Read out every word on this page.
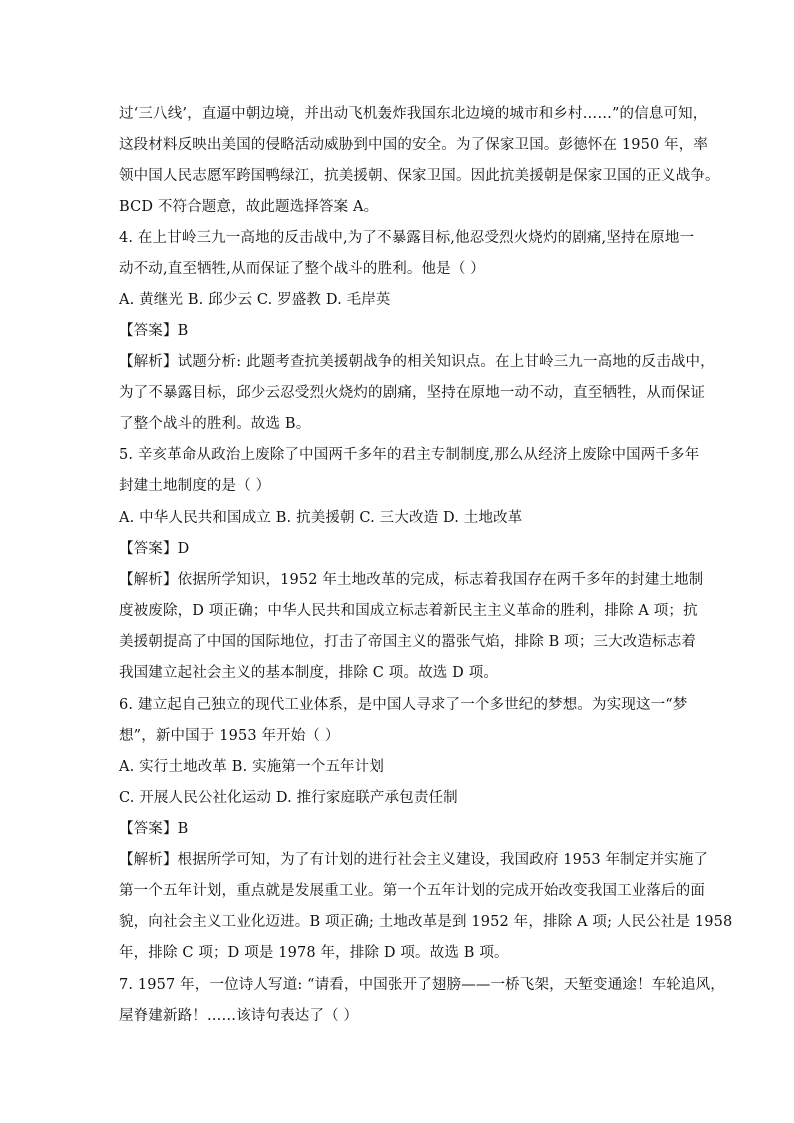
过‘三八线’，直逼中朝边境，并出动飞机轰炸我国东北边境的城市和乡村……”的信息可知，
这段材料反映出美国的侵略活动威胁到中国的安全。为了保家卫国。彭德怀在 1950 年，率
领中国人民志愿军跨国鸭绿江，抗美援朝、保家卫国。因此抗美援朝是保家卫国的正义战争。
BCD 不符合题意，故此题选择答案 A。
4. 在上甘岭三九一高地的反击战中,为了不暴露目标,他忍受烈火烧灼的剧痛,坚持在原地一
动不动,直至牺牲,从而保证了整个战斗的胜利。他是（ ）
A. 黄继光 B. 邱少云 C. 罗盛教 D. 毛岸英
【答案】B
【解析】试题分析: 此题考查抗美援朝战争的相关知识点。在上甘岭三九一高地的反击战中，
为了不暴露目标，邱少云忍受烈火烧灼的剧痛，坚持在原地一动不动，直至牺牲，从而保证
了整个战斗的胜利。故选 B。
5. 辛亥革命从政治上废除了中国两千多年的君主专制制度,那么从经济上废除中国两千多年
封建土地制度的是（ ）
A. 中华人民共和国成立 B. 抗美援朝 C. 三大改造 D. 土地改革
【答案】D
【解析】依据所学知识，1952 年土地改革的完成，标志着我国存在两千多年的封建土地制
度被废除，D 项正确；中华人民共和国成立标志着新民主主义革命的胜利，排除 A 项；抗
美援朝提高了中国的国际地位，打击了帝国主义的嚣张气焰，排除 B 项；三大改造标志着
我国建立起社会主义的基本制度，排除 C 项。故选 D 项。
6. 建立起自己独立的现代工业体系，是中国人寻求了一个多世纪的梦想。为实现这一“梦
想”，新中国于 1953 年开始（ ）
A. 实行土地改革 B. 实施第一个五年计划
C. 开展人民公社化运动 D. 推行家庭联产承包责任制
【答案】B
【解析】根据所学可知，为了有计划的进行社会主义建设，我国政府 1953 年制定并实施了
第一个五年计划，重点就是发展重工业。第一个五年计划的完成开始改变我国工业落后的面
貌，向社会主义工业化迈进。B 项正确; 土地改革是到 1952 年，排除 A 项; 人民公社是 1958
年，排除 C 项；D 项是 1978 年，排除 D 项。故选 B 项。
7. 1957 年，一位诗人写道: “请看，中国张开了翅膀——一桥飞架，天堑变通途！车轮追风，
屋脊建新路！……该诗句表达了（ ）
